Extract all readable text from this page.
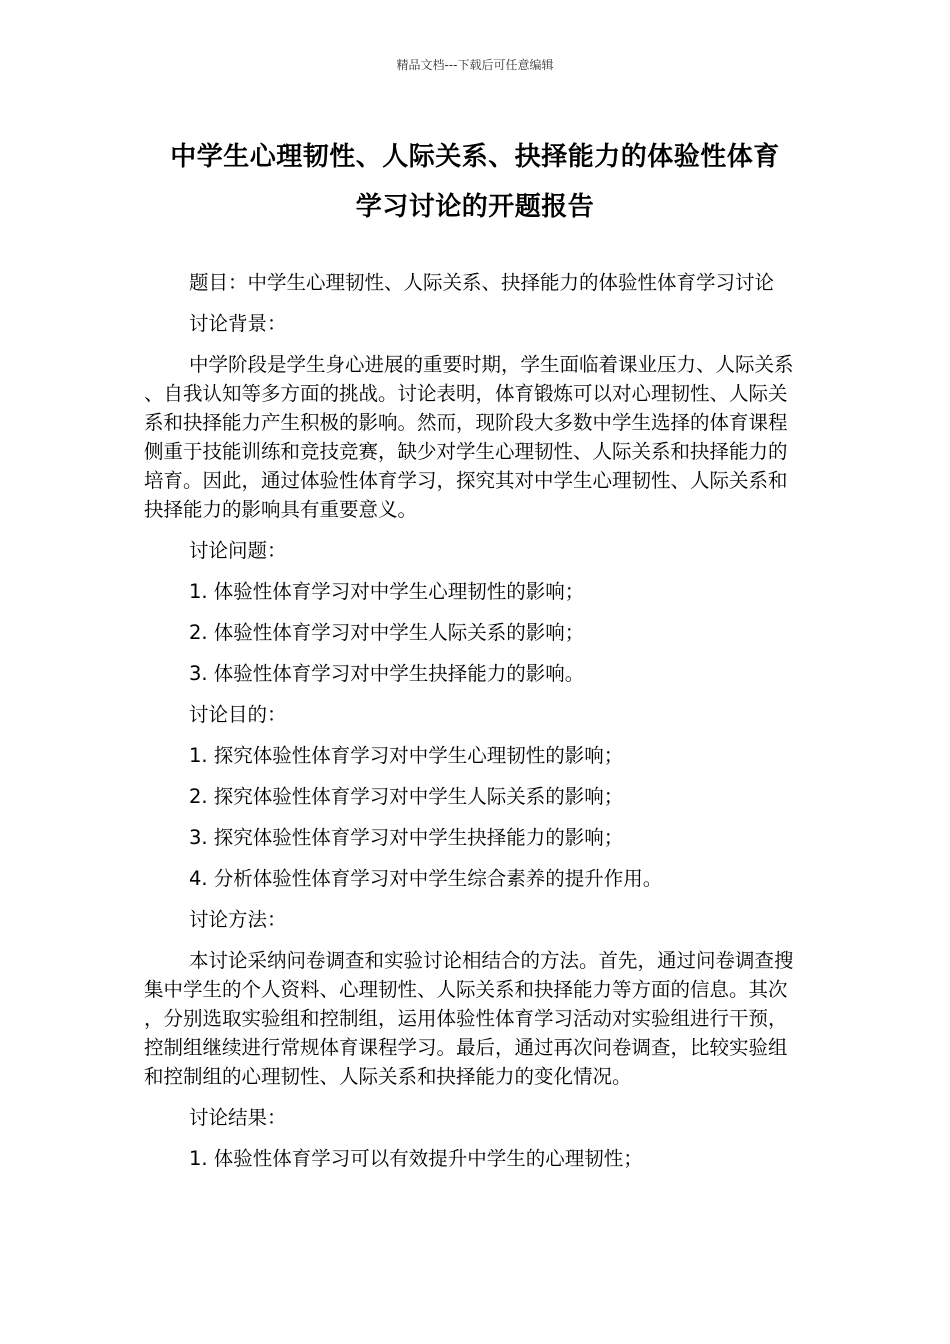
精品文档---下载后可任意编辑
中学生心理韧性、人际关系、抉择能力的体验性体育
学习讨论的开题报告

题目：中学生心理韧性、人际关系、抉择能力的体验性体育学习讨论

讨论背景：

中学阶段是学生身心进展的重要时期，学生面临着课业压力、人际关系、自我认知等多方面的挑战。讨论表明，体育锻炼可以对心理韧性、人际关系和抉择能力产生积极的影响。然而，现阶段大多数中学生选择的体育课程侧重于技能训练和竞技竞赛，缺少对学生心理韧性、人际关系和抉择能力的培育。因此，通过体验性体育学习，探究其对中学生心理韧性、人际关系和抉择能力的影响具有重要意义。

讨论问题：

1. 体验性体育学习对中学生心理韧性的影响；

2. 体验性体育学习对中学生人际关系的影响；

3. 体验性体育学习对中学生抉择能力的影响。

讨论目的：

1. 探究体验性体育学习对中学生心理韧性的影响；

2. 探究体验性体育学习对中学生人际关系的影响；

3. 探究体验性体育学习对中学生抉择能力的影响；

4. 分析体验性体育学习对中学生综合素养的提升作用。

讨论方法：

本讨论采纳问卷调查和实验讨论相结合的方法。首先，通过问卷调查搜集中学生的个人资料、心理韧性、人际关系和抉择能力等方面的信息。其次，分别选取实验组和控制组，运用体验性体育学习活动对实验组进行干预，控制组继续进行常规体育课程学习。最后，通过再次问卷调查，比较实验组和控制组的心理韧性、人际关系和抉择能力的变化情况。

讨论结果：

1. 体验性体育学习可以有效提升中学生的心理韧性；
